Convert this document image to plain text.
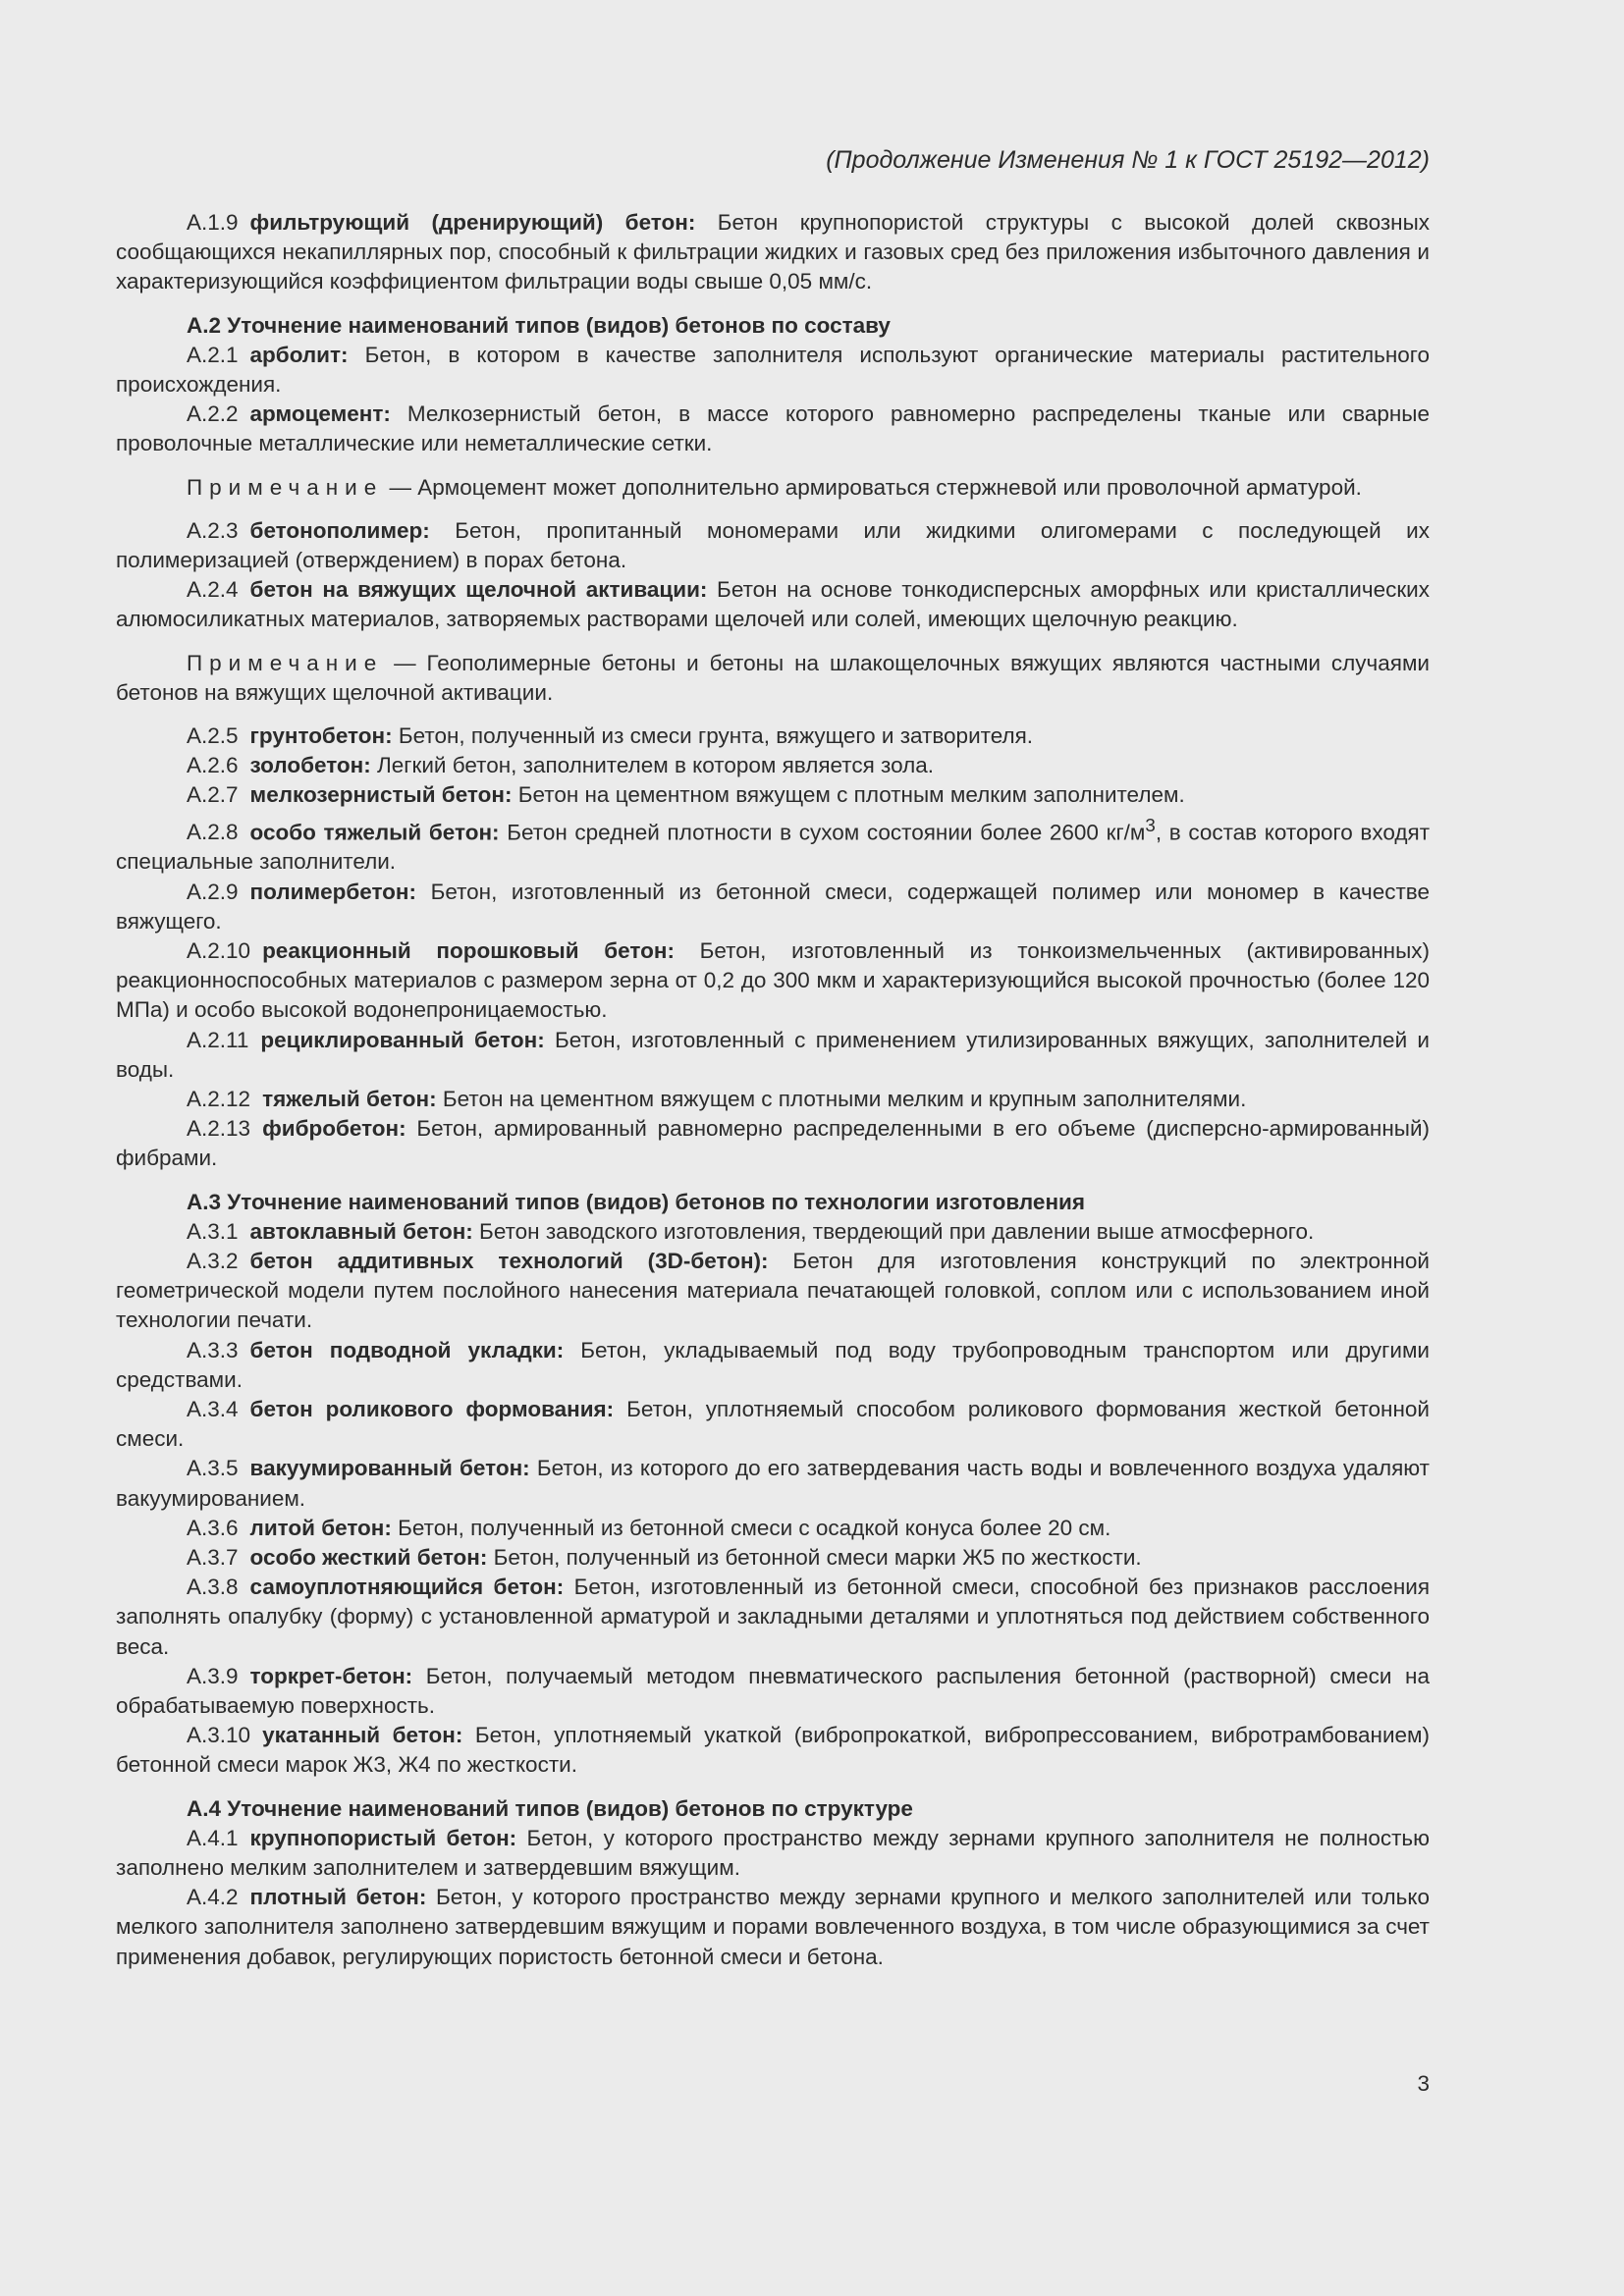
(Продолжение Изменения № 1 к ГОСТ 25192—2012)

А.1.9 фильтрующий (дренирующий) бетон: Бетон крупнопористой структуры с высокой долей сквозных сообщающихся некапиллярных пор, способный к фильтрации жидких и газовых сред без приложения избыточного давления и характеризующийся коэффициентом фильтрации воды свыше 0,05 мм/с.

А.2 Уточнение наименований типов (видов) бетонов по составу

А.2.1 арболит: Бетон, в котором в качестве заполнителя используют органические материалы растительного происхождения.

А.2.2 армоцемент: Мелкозернистый бетон, в массе которого равномерно распределены тканые или сварные проволочные металлические или неметаллические сетки.

Примечание — Армоцемент может дополнительно армироваться стержневой или проволочной арматурой.

А.2.3 бетонополимер: Бетон, пропитанный мономерами или жидкими олигомерами с последующей их полимеризацией (отверждением) в порах бетона.

А.2.4 бетон на вяжущих щелочной активации: Бетон на основе тонкодисперсных аморфных или кристаллических алюмосиликатных материалов, затворяемых растворами щелочей или солей, имеющих щелочную реакцию.

Примечание — Геополимерные бетоны и бетоны на шлакощелочных вяжущих являются частными случаями бетонов на вяжущих щелочной активации.

А.2.5 грунтобетон: Бетон, полученный из смеси грунта, вяжущего и затворителя.

А.2.6 золобетон: Легкий бетон, заполнителем в котором является зола.

А.2.7 мелкозернистый бетон: Бетон на цементном вяжущем с плотным мелким заполнителем.

А.2.8 особо тяжелый бетон: Бетон средней плотности в сухом состоянии более 2600 $кг/м^3$, в состав которого входят специальные заполнители.

А.2.9 полимербетон: Бетон, изготовленный из бетонной смеси, содержащей полимер или мономер в качестве вяжущего.

А.2.10 реакционный порошковый бетон: Бетон, изготовленный из тонкоизмельченных (активированных) реакционноспособных материалов с размером зерна от 0,2 до 300 мкм и характеризующийся высокой прочностью (более 120 МПа) и особо высокой водонепроницаемостью.

А.2.11 рециклированный бетон: Бетон, изготовленный с применением утилизированных вяжущих, заполнителей и воды.

А.2.12 тяжелый бетон: Бетон на цементном вяжущем с плотными мелким и крупным заполнителями.

А.2.13 фибробетон: Бетон, армированный равномерно распределенными в его объеме (дисперсно-армированный) фибрами.

А.3 Уточнение наименований типов (видов) бетонов по технологии изготовления

А.3.1 автоклавный бетон: Бетон заводского изготовления, твердеющий при давлении выше атмосферного.

А.3.2 бетон аддитивных технологий (3D-бетон): Бетон для изготовления конструкций по электронной геометрической модели путем послойного нанесения материала печатающей головкой, соплом или с использованием иной технологии печати.

А.3.3 бетон подводной укладки: Бетон, укладываемый под воду трубопроводным транспортом или другими средствами.

А.3.4 бетон роликового формования: Бетон, уплотняемый способом роликового формования жесткой бетонной смеси.

А.3.5 вакуумированный бетон: Бетон, из которого до его затвердевания часть воды и вовлеченного воздуха удаляют вакуумированием.

А.3.6 литой бетон: Бетон, полученный из бетонной смеси с осадкой конуса более 20 см.

А.3.7 особо жесткий бетон: Бетон, полученный из бетонной смеси марки Ж5 по жесткости.

А.3.8 самоуплотняющийся бетон: Бетон, изготовленный из бетонной смеси, способной без признаков расслоения заполнять опалубку (форму) с установленной арматурой и закладными деталями и уплотняться под действием собственного веса.

А.3.9 торкрет-бетон: Бетон, получаемый методом пневматического распыления бетонной (растворной) смеси на обрабатываемую поверхность.

А.3.10 укатанный бетон: Бетон, уплотняемый укаткой (вибропрокаткой, вибропрессованием, вибротрамбованием) бетонной смеси марок Ж3, Ж4 по жесткости.

А.4 Уточнение наименований типов (видов) бетонов по структуре

А.4.1 крупнопористый бетон: Бетон, у которого пространство между зернами крупного заполнителя не полностью заполнено мелким заполнителем и затвердевшим вяжущим.

А.4.2 плотный бетон: Бетон, у которого пространство между зернами крупного и мелкого заполнителей или только мелкого заполнителя заполнено затвердевшим вяжущим и порами вовлеченного воздуха, в том числе образующимися за счет применения добавок, регулирующих пористость бетонной смеси и бетона.

3
